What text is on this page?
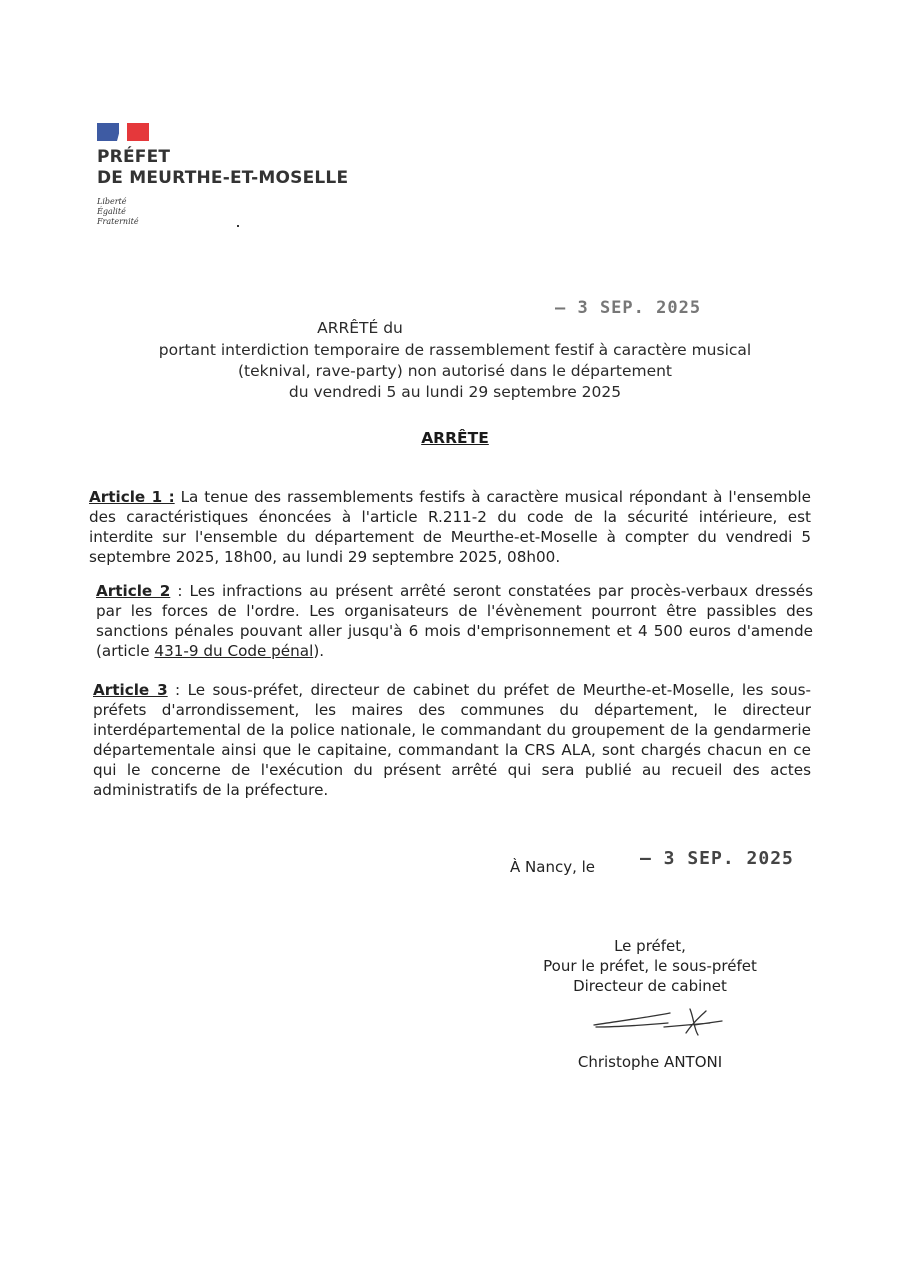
PRÉFET
DE MEURTHE-ET-MOSELLE
Liberté
Égalité
Fraternité
– 3 SEP. 2025
ARRÊTÉ du
portant interdiction temporaire de rassemblement festif à caractère musical
(teknival, rave-party) non autorisé dans le département
du vendredi 5 au lundi 29 septembre 2025
ARRÊTE
Article 1 : La tenue des rassemblements festifs à caractère musical répondant à l'ensemble des caractéristiques énoncées à l'article R.211-2 du code de la sécurité intérieure, est interdite sur l'ensemble du département de Meurthe-et-Moselle à compter du vendredi 5 septembre 2025, 18h00, au lundi 29 septembre 2025, 08h00.
Article 2 : Les infractions au présent arrêté seront constatées par procès-verbaux dressés par les forces de l'ordre. Les organisateurs de l'évènement pourront être passibles des sanctions pénales pouvant aller jusqu'à 6 mois d'emprisonnement et 4 500 euros d'amende (article 431-9 du Code pénal).
Article 3 : Le sous-préfet, directeur de cabinet du préfet de Meurthe-et-Moselle, les sous-préfets d'arrondissement, les maires des communes du département, le directeur interdépartemental de la police nationale, le commandant du groupement de la gendarmerie départementale ainsi que le capitaine, commandant la CRS ALA, sont chargés chacun en ce qui le concerne de l'exécution du présent arrêté qui sera publié au recueil des actes administratifs de la préfecture.
À Nancy, le – 3 SEP. 2025
Le préfet,
Pour le préfet, le sous-préfet
Directeur de cabinet
Christophe ANTONI
